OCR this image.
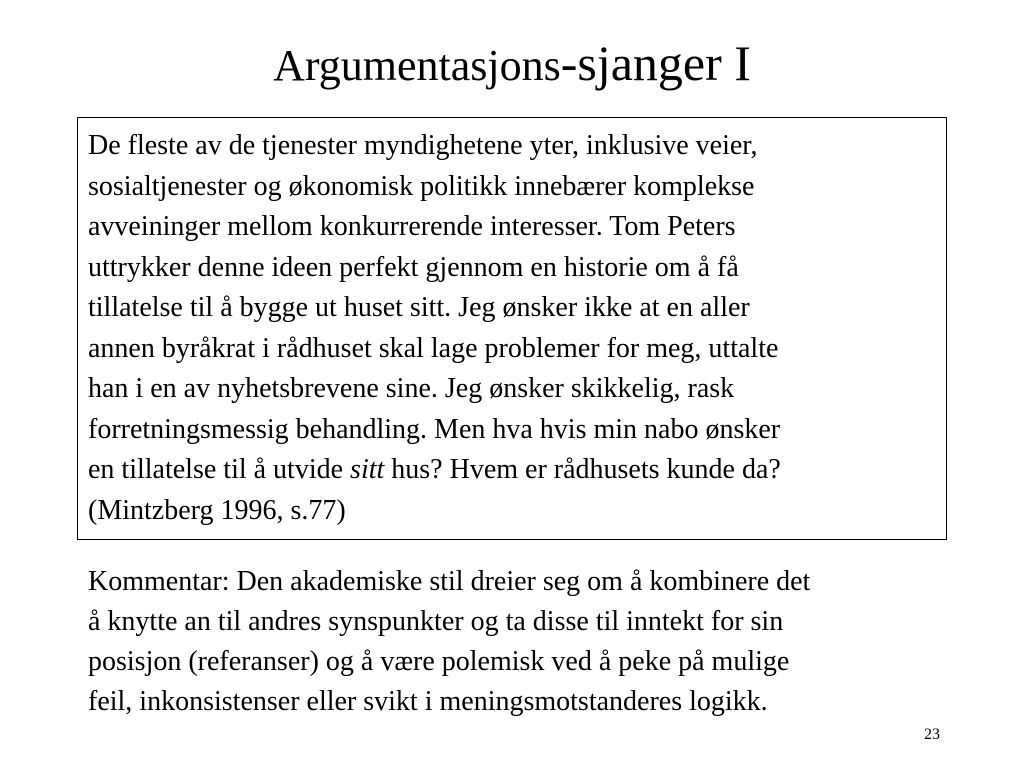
Argumentasjons-sjanger I

De fleste av de tjenester myndighetene yter, inklusive veier,
sosialtjenester og økonomisk politikk innebærer komplekse
avveininger mellom konkurrerende interesser. Tom Peters
uttrykker denne ideen perfekt gjennom en historie om å få
tillatelse til å bygge ut huset sitt. Jeg ønsker ikke at en aller
annen byråkrat i rådhuset skal lage problemer for meg, uttalte
han i en av nyhetsbrevene sine. Jeg ønsker skikkelig, rask
forretningsmessig behandling. Men hva hvis min nabo ønsker
en tillatelse til å utvide sitt hus? Hvem er rådhusets kunde da?
(Mintzberg 1996, s.77)

Kommentar: Den akademiske stil dreier seg om å kombinere det
å knytte an til andres synspunkter og ta disse til inntekt for sin
posisjon (referanser) og å være polemisk ved å peke på mulige
feil, inkonsistenser eller svikt i meningsmotstanderes logikk.

23
